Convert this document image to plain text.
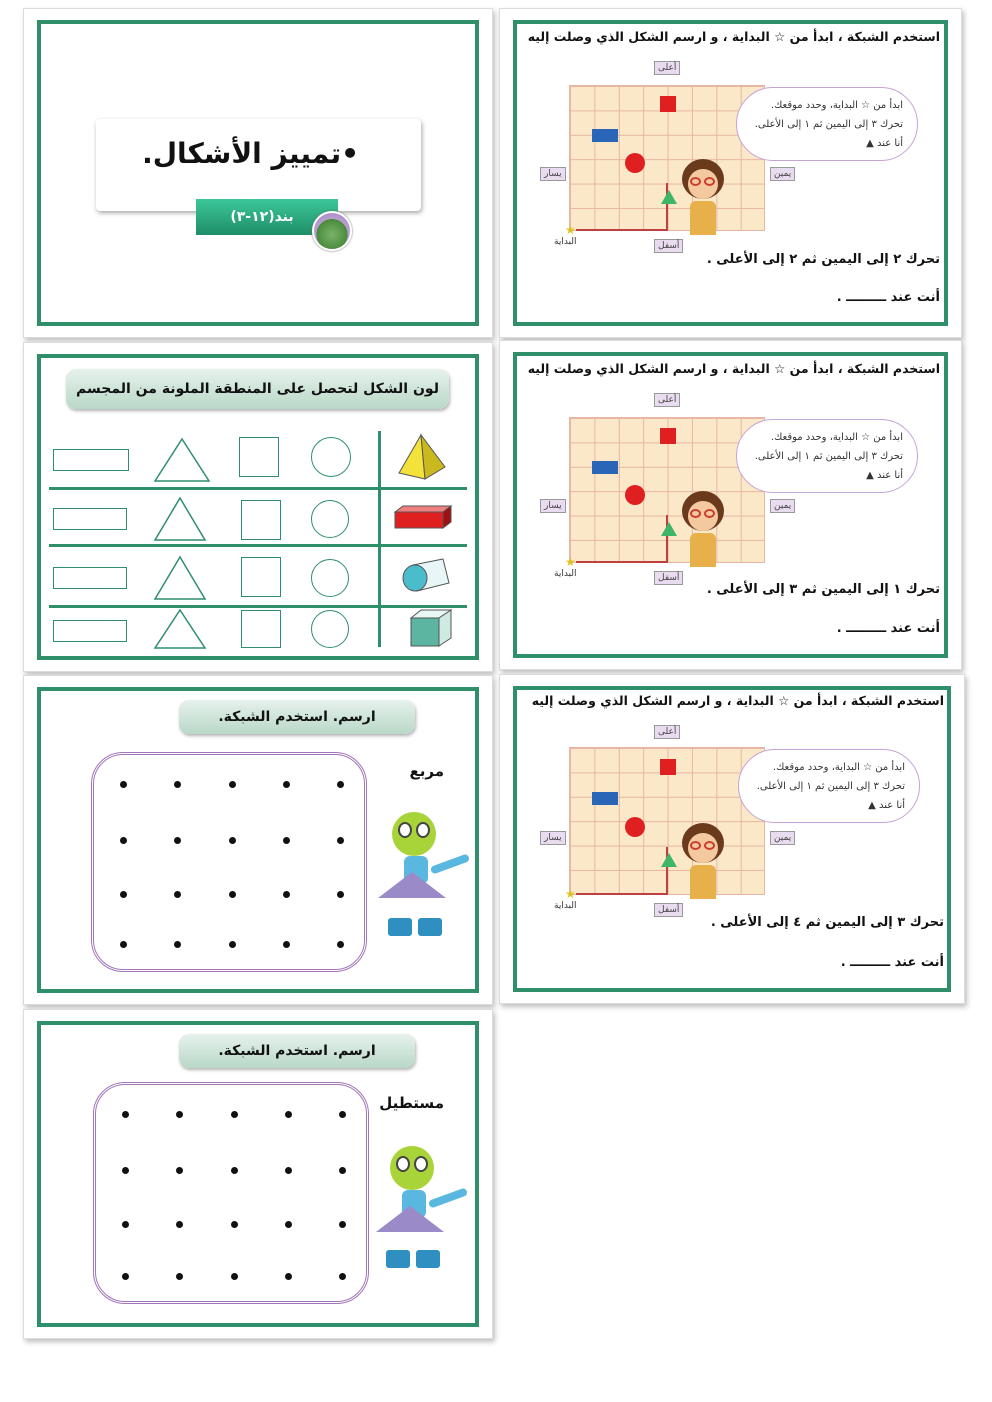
•تمييز الأشكال.
بند(١٢-٣)
استخدم الشبكة ، ابدأ من ☆ البداية ، و ارسم الشكل الذي وصلت إليه
★
البداية
أعلى
أسفل
يسار	يمين
ابدأ من ☆ البداية، وحدد موقعك.
تحرك ٣ إلى اليمين ثم ١ إلى الأعلى.
أنا عند ▲
تحرك ٢ إلى اليمين ثم ٢ إلى الأعلى .
أنت عند ـــــــــ .
استخدم الشبكة ، ابدأ من ☆ البداية ، و ارسم الشكل الذي وصلت إليه
★
البداية
أعلى
أسفل
يسار	يمين
ابدأ من ☆ البداية، وحدد موقعك.
تحرك ٣ إلى اليمين ثم ١ إلى الأعلى.
أنا عند ▲
تحرك ١ إلى اليمين ثم ٣ إلى الأعلى .
أنت عند ـــــــــ .
استخدم الشبكة ، ابدأ من ☆ البداية ، و ارسم الشكل الذي وصلت إليه
★
البداية
أعلى
أسفل
يسار	يمين
ابدأ من ☆ البداية، وحدد موقعك.
تحرك ٣ إلى اليمين ثم ١ إلى الأعلى.
أنا عند ▲
تحرك ٣ إلى اليمين ثم ٤ إلى الأعلى .
أنت عند ـــــــــ .
لون الشكل لتحصل على المنطقة الملونة من المجسم
ارسم. استخدم الشبكة.
مربع
ارسم. استخدم الشبكة.
مستطيل
